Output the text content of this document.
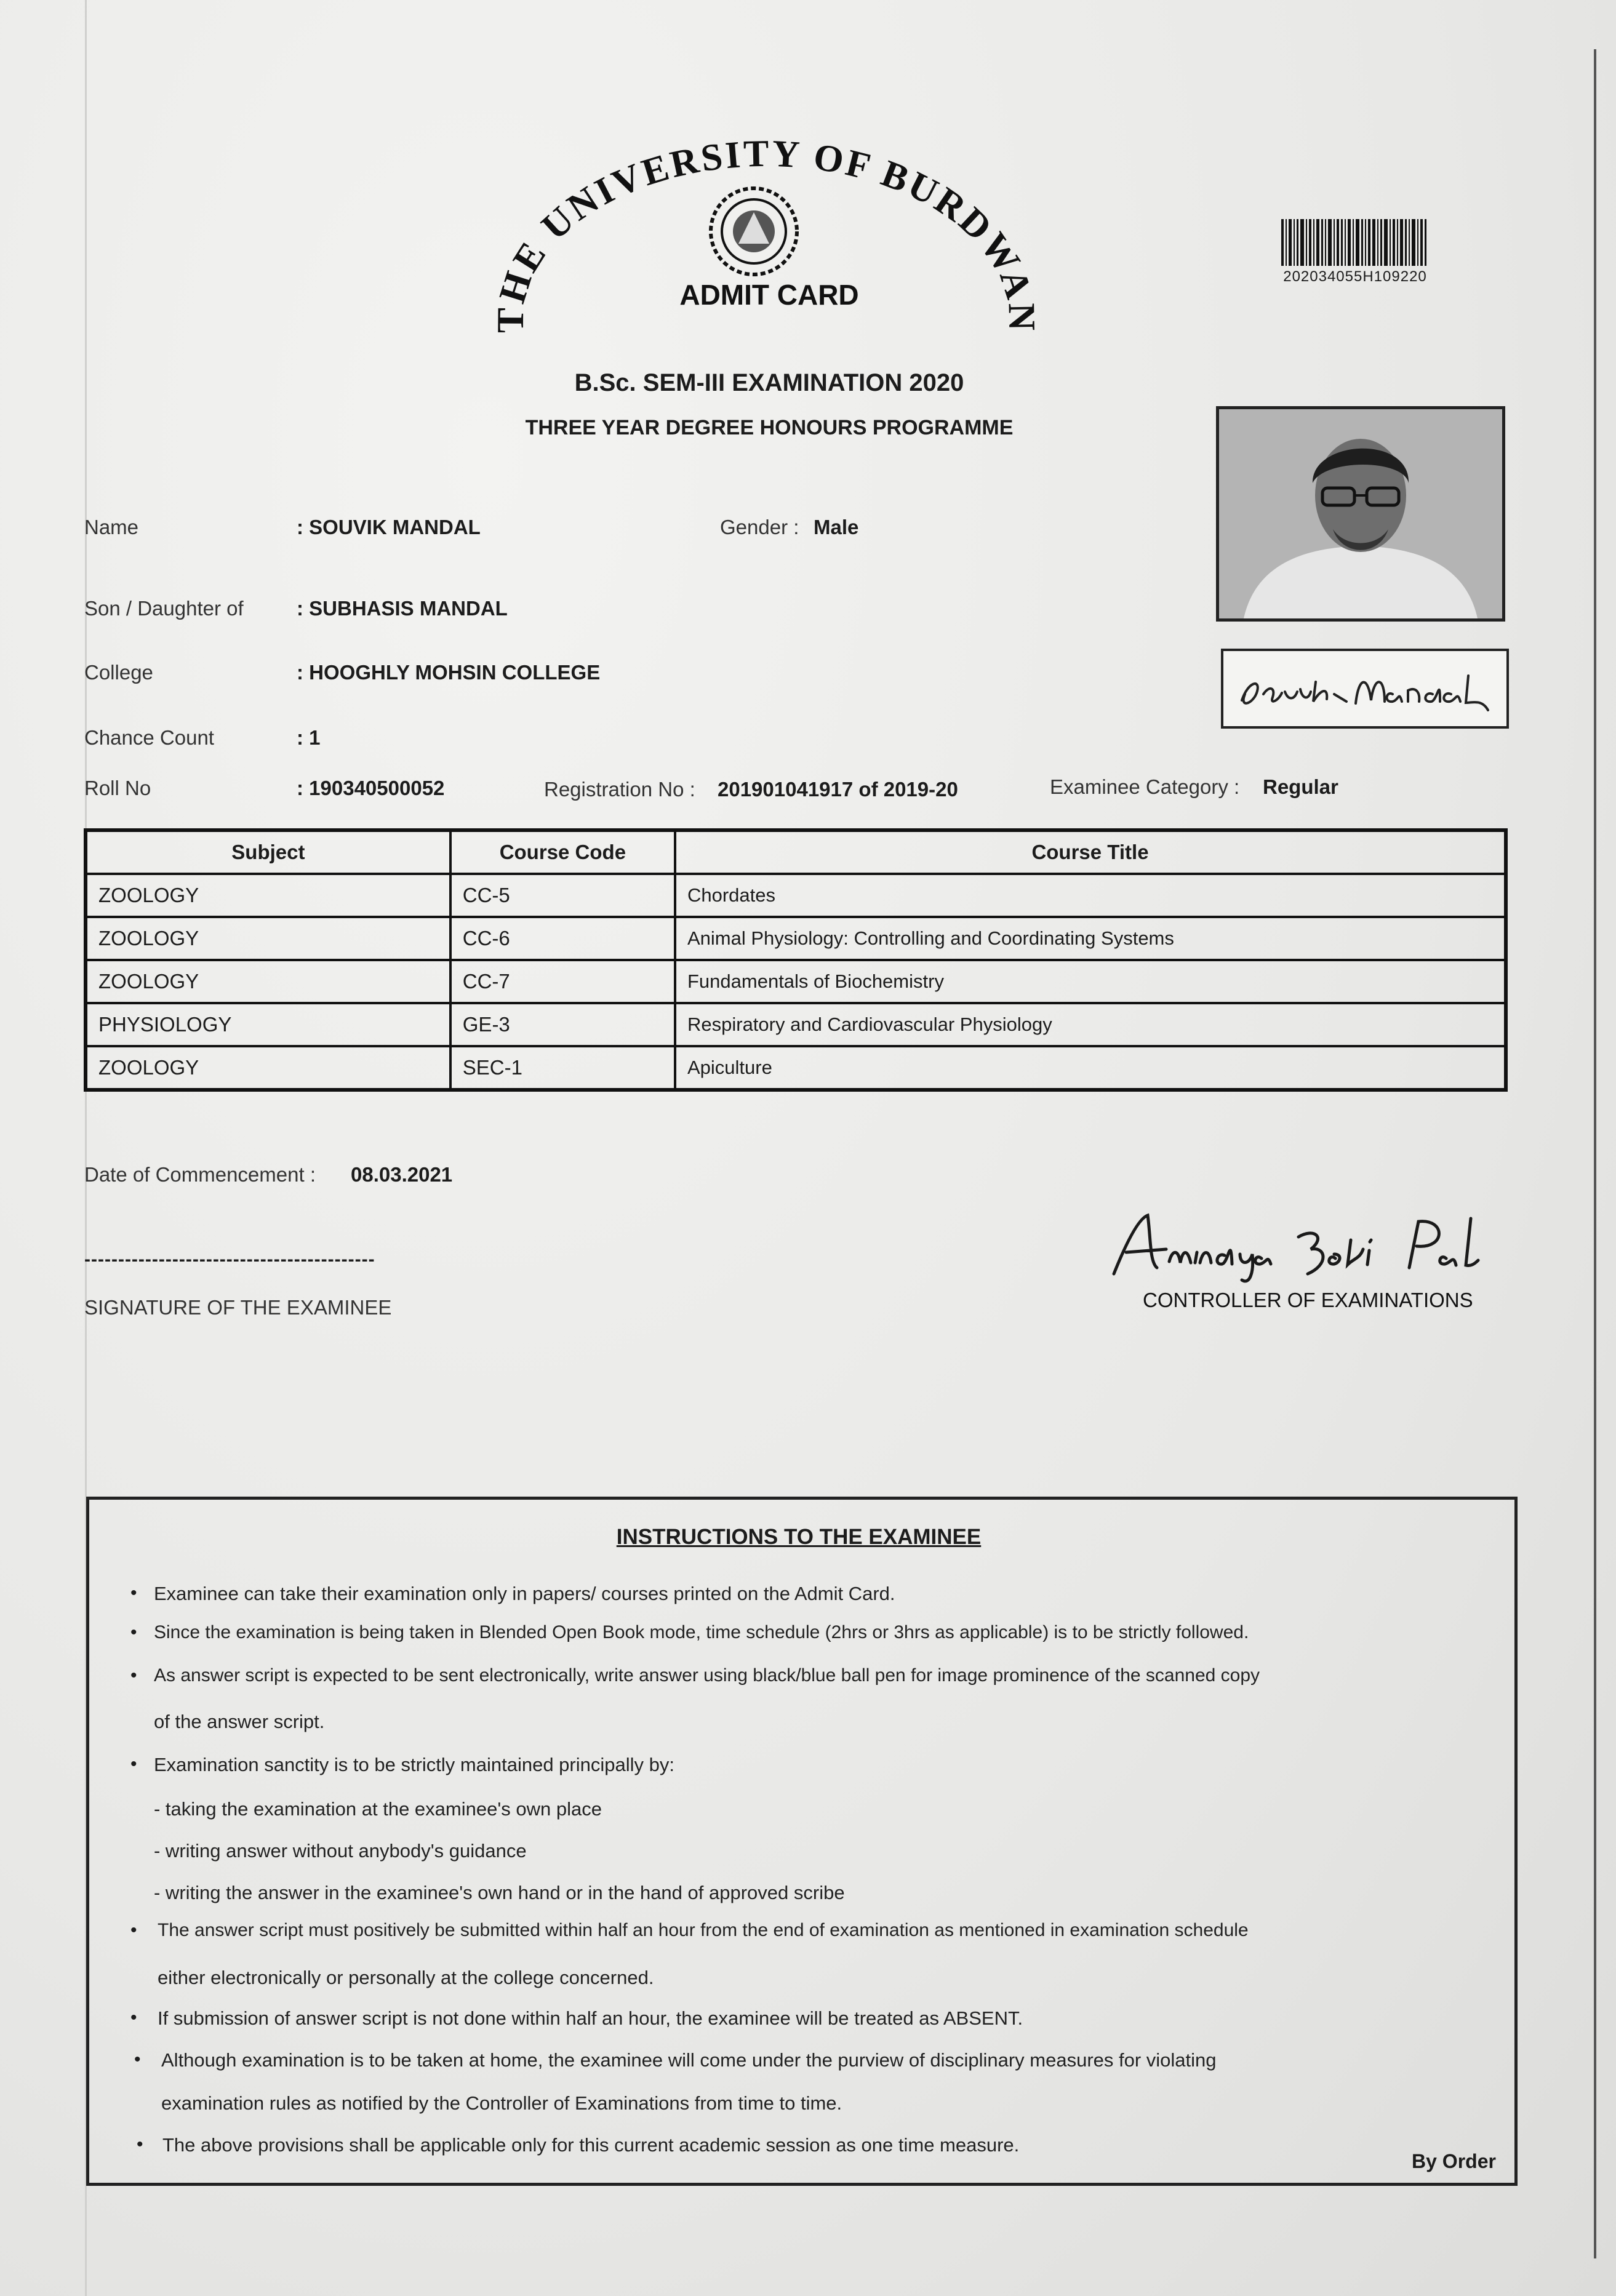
THE UNIVERSITY OF BURDWAN
ADMIT CARD
202034055H109220
B.Sc. SEM-III EXAMINATION 2020
THREE YEAR DEGREE HONOURS PROGRAMME
Name	: SOUVIK MANDAL	Gender : Male
Son / Daughter of	: SUBHASIS MANDAL
College	: HOOGHLY MOHSIN COLLEGE
Chance Count	: 1
Roll No	: 190340500052	Registration No : 201901041917 of 2019-20	Examinee Category : Regular
Subject	Course Code	Course Title
ZOOLOGY	CC-5	Chordates
ZOOLOGY	CC-6	Animal Physiology: Controlling and Coordinating Systems
ZOOLOGY	CC-7	Fundamentals of Biochemistry
PHYSIOLOGY	GE-3	Respiratory and Cardiovascular Physiology
ZOOLOGY	SEC-1	Apiculture
Date of Commencement : 08.03.2021
-------------------------------------------
SIGNATURE OF THE EXAMINEE	CONTROLLER OF EXAMINATIONS
INSTRUCTIONS TO THE EXAMINEE
• Examinee can take their examination only in papers/ courses printed on the Admit Card.
• Since the examination is being taken in Blended Open Book mode, time schedule (2hrs or 3hrs as applicable) is to be strictly followed.
• As answer script is expected to be sent electronically, write answer using black/blue ball pen for image prominence of the scanned copy
of the answer script.
• Examination sanctity is to be strictly maintained principally by:
- taking the examination at the examinee's own place
- writing answer without anybody's guidance
- writing the answer in the examinee's own hand or in the hand of approved scribe
• The answer script must positively be submitted within half an hour from the end of examination as mentioned in examination schedule
either electronically or personally at the college concerned.
• If submission of answer script is not done within half an hour, the examinee will be treated as ABSENT.
• Although examination is to be taken at home, the examinee will come under the purview of disciplinary measures for violating
examination rules as notified by the Controller of Examinations from time to time.
• The above provisions shall be applicable only for this current academic session as one time measure.
By Order
